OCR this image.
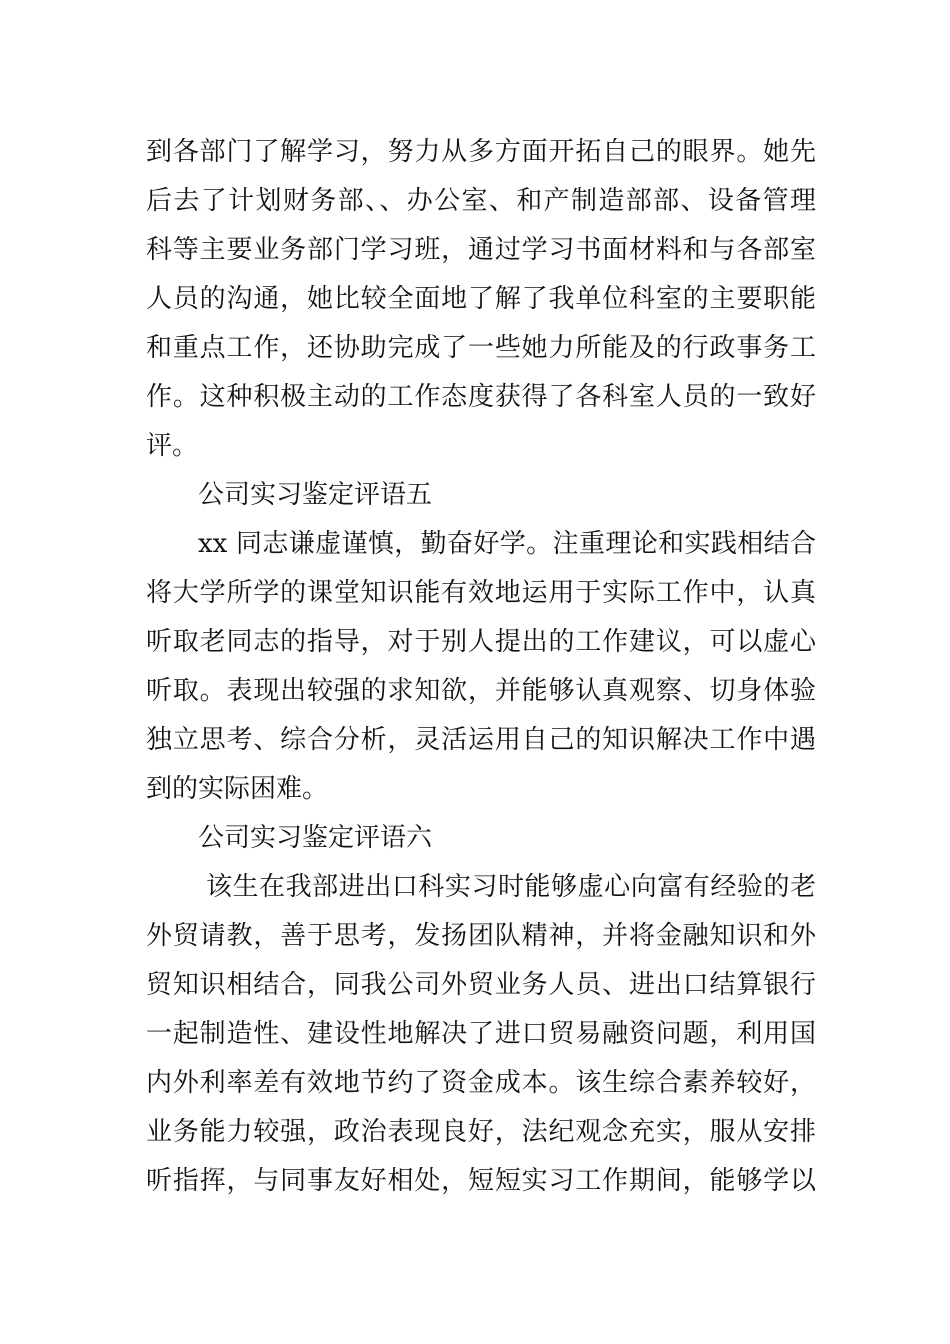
到各部门了解学习，努力从多方面开拓自己的眼界。她先
后去了计划财务部、、办公室、和产制造部部、设备管理
科等主要业务部门学习班，通过学习书面材料和与各部室
人员的沟通，她比较全面地了解了我单位科室的主要职能
和重点工作，还协助完成了一些她力所能及的行政事务工
作。这种积极主动的工作态度获得了各科室人员的一致好
评。
公司实习鉴定评语五
xx 同志谦虚谨慎，勤奋好学。注重理论和实践相结合
将大学所学的课堂知识能有效地运用于实际工作中，认真
听取老同志的指导，对于别人提出的工作建议，可以虚心
听取。表现出较强的求知欲，并能够认真观察、切身体验
独立思考、综合分析，灵活运用自己的知识解决工作中遇
到的实际困难。
公司实习鉴定评语六
该生在我部进出口科实习时能够虚心向富有经验的老
外贸请教，善于思考，发扬团队精神，并将金融知识和外
贸知识相结合，同我公司外贸业务人员、进出口结算银行
一起制造性、建设性地解决了进口贸易融资问题，利用国
内外利率差有效地节约了资金成本。该生综合素养较好，
业务能力较强，政治表现良好，法纪观念充实，服从安排
听指挥，与同事友好相处，短短实习工作期间，能够学以
